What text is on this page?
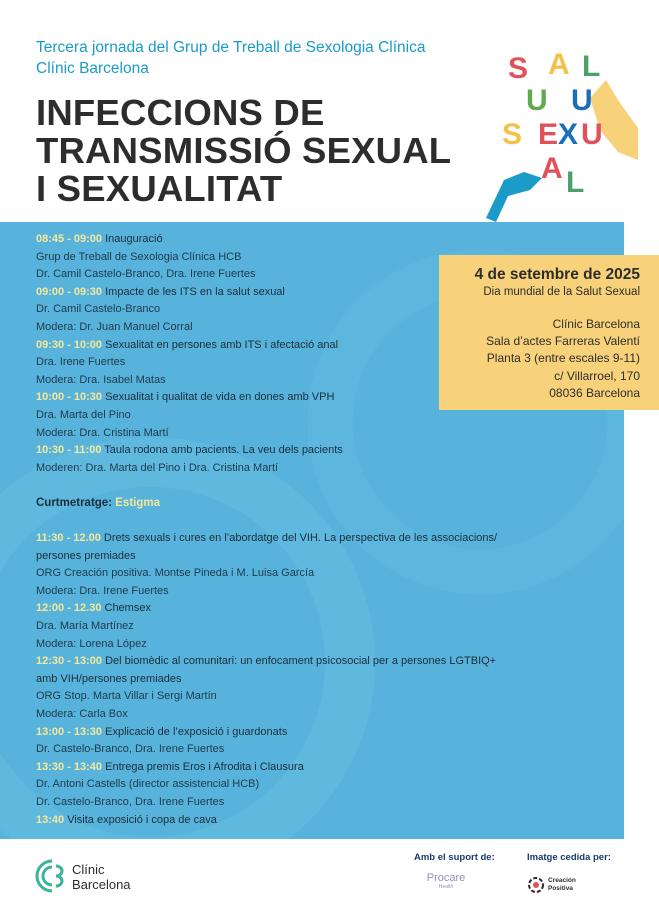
Tercera jornada del Grup de Treball de Sexologia Clínica
Clínic Barcelona
INFECCIONS DE
TRANSMISSIÓ SEXUAL
I SEXUALITAT
S A L
U U
S E X U
A L
08:45 - 09:00 Inauguració
Grup de Treball de Sexologia Clínica HCB
Dr. Camil Castelo-Branco, Dra. Irene Fuertes
09:00 - 09:30 Impacte de les ITS en la salut sexual
Dr. Camil Castelo-Branco
Modera: Dr. Juan Manuel Corral
09:30 - 10:00 Sexualitat en persones amb ITS i afectació anal
Dra. Irene Fuertes
Modera: Dra. Isabel Matas
10:00 - 10:30 Sexualitat i qualitat de vida en dones amb VPH
Dra. Marta del Pino
Modera: Dra. Cristina Martí
10:30 - 11:00 Taula rodona amb pacients. La veu dels pacients
Moderen: Dra. Marta del Pino i Dra. Cristina Martí
Curtmetratge: Estigma
11:30 - 12.00 Drets sexuals i cures en l’abordatge del VIH. La perspectiva de les associacions/
persones premiades
ORG Creación positiva. Montse Pineda i M. Luisa García
Modera: Dra. Irene Fuertes
12:00 - 12.30 Chemsex
Dra. María Martínez
Modera: Lorena López
12:30 - 13:00 Del biomèdic al comunitari: un enfocament psicosocial per a persones LGTBIQ+
amb VIH/persones premiades
ORG Stop. Marta Villar i Sergi Martín
Modera: Carla Box
13:00 - 13:30 Explicació de l’exposició i guardonats
Dr. Castelo-Branco, Dra. Irene Fuertes
13:30 - 13:40 Entrega premis Eros i Afrodita i Clausura
Dr. Antoni Castells (director assistencial HCB)
Dr. Castelo-Branco, Dra. Irene Fuertes
13:40 Visita exposició i copa de cava
4 de setembre de 2025
Dia mundial de la Salut Sexual
Clínic Barcelona
Sala d’actes Farreras Valentí
Planta 3 (entre escales 9-11)
c/ Villarroel, 170
08036 Barcelona
Clínic
Barcelona
Amb el suport de:	Imatge cedida per:
Procare
Health
Creación
Positiva
